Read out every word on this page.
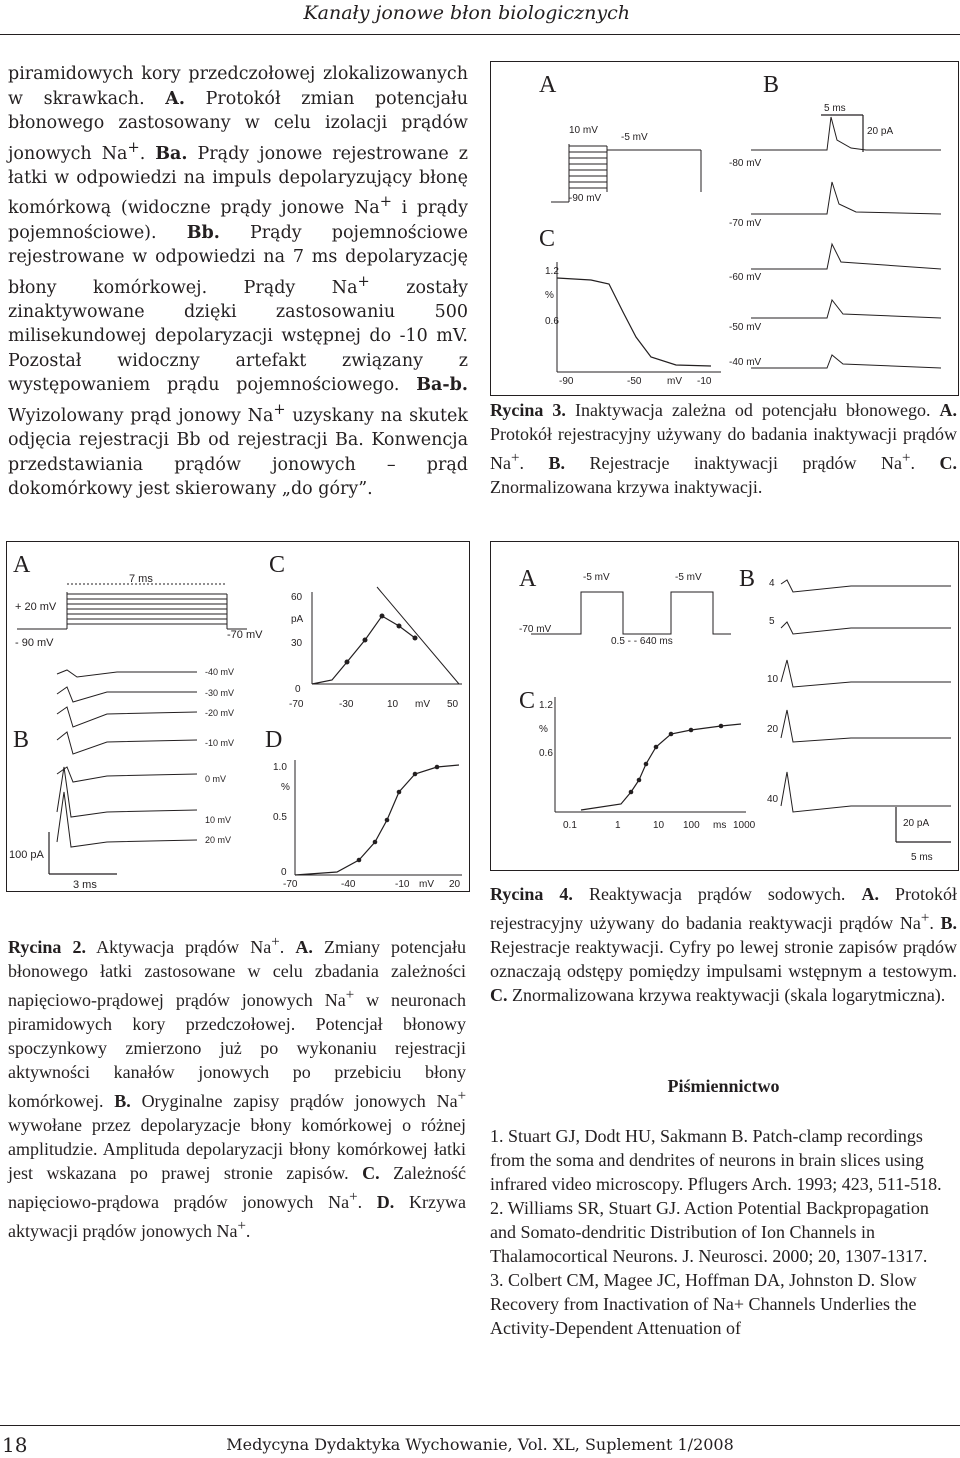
Kanały jonowe błon biologicznych
piramidowych kory przedczołowej zlokalizowanych w skrawkach. A. Protokół zmian potencjału błonowego zastosowany w celu izolacji prądów jonowych Na+. Ba. Prądy jonowe rejestrowane z łatki w odpowiedzi na impuls depolaryzujący błonę komórkową (widoczne prądy jonowe Na+ i prądy pojemnościowe). Bb. Prądy pojemnościowe rejestrowane w odpowiedzi na 7 ms depolaryzację błony komórkowej. Prądy Na+ zostały zinaktywowane dzięki zastosowaniu 500 milisekundowej depolaryzacji wstępnej do -10 mV. Pozostał widoczny artefakt związany z występowaniem prądu pojemnościowego. Ba-b. Wyizolowany prąd jonowy Na+ uzyskany na skutek odjęcia rejestracji Bb od rejestracji Ba. Konwencja przedstawiania prądów jonowych – prąd dokomórkowy jest skierowany „do góry”.
A	B
C
10 mV
-5 mV
-90 mV
5 ms
20 pA
-80 mV
-70 mV
-60 mV
-50 mV
-40 mV
1.2
%
0.6
-90	-50	mV -10
Rycina 3. Inaktywacja zależna od potencjału błonowego. A. Protokół rejestracyjny używany do badania inaktywacji prądów Na+. B. Rejestracje inaktywacji prądów Na+. C. Znormalizowana krzywa inaktywacji.
A	C
B	D
7 ms
+ 20 mV
- 90 mV
-70 mV
-40 mV
-30 mV
-20 mV
-10 mV
0 mV
10 mV
20 mV
100 pA
3 ms
60
pA
30
0
-70	-30	10 mV 50
1.0
%
0.5
0
-70	-40	-10 mV 20
A	B
C
-5 mV	-5 mV
-70 mV
0.5 - - 640 ms
4
5
10
20
40
1.2
%
0.6
0.1	1	10 100 ms 1000	20 pA
5 ms
Rycina 2. Aktywacja prądów Na+. A. Zmiany potencjału błonowego łatki zastosowane w celu zbadania zależności napięciowo-prądowej prądów jonowych Na+ w neuronach piramidowych kory przedczołowej. Potencjał błonowy spoczynkowy zmierzono już po wykonaniu rejestracji aktywności kanałów jonowych po przebiciu błony komórkowej. B. Oryginalne zapisy prądów jonowych Na+ wywołane przez depolaryzacje błony komórkowej o różnej amplitudzie. Amplituda depolaryzacji błony komórkowej łatki jest wskazana po prawej stronie zapisów. C. Zależność napięciowo-prądowa prądów jonowych Na+. D. Krzywa aktywacji prądów jonowych Na+.
Rycina 4. Reaktywacja prądów sodowych. A. Protokół rejestracyjny używany do badania reaktywacji prądów Na+. B. Rejestracje reaktywacji. Cyfry po lewej stronie zapisów prądów oznaczają odstępy pomiędzy impulsami wstępnym a testowym. C. Znormalizowana krzywa reaktywacji (skala logarytmiczna).
Piśmiennictwo
1. Stuart GJ, Dodt HU, Sakmann B. Patch-clamp recordings from the soma and dendrites of neurons in brain slices using infrared video microscopy. Pflugers Arch. 1993; 423, 511-518.
2. Williams SR, Stuart GJ. Action Potential Backpropagation and Somato-dendritic Distribution of Ion Channels in Thalamocortical Neurons. J. Neurosci. 2000; 20, 1307-1317.
3. Colbert CM, Magee JC, Hoffman DA, Johnston D. Slow Recovery from Inactivation of Na+ Channels Underlies the Activity-Dependent Attenuation of
18	Medycyna Dydaktyka Wychowanie, Vol. XL, Suplement 1/2008
